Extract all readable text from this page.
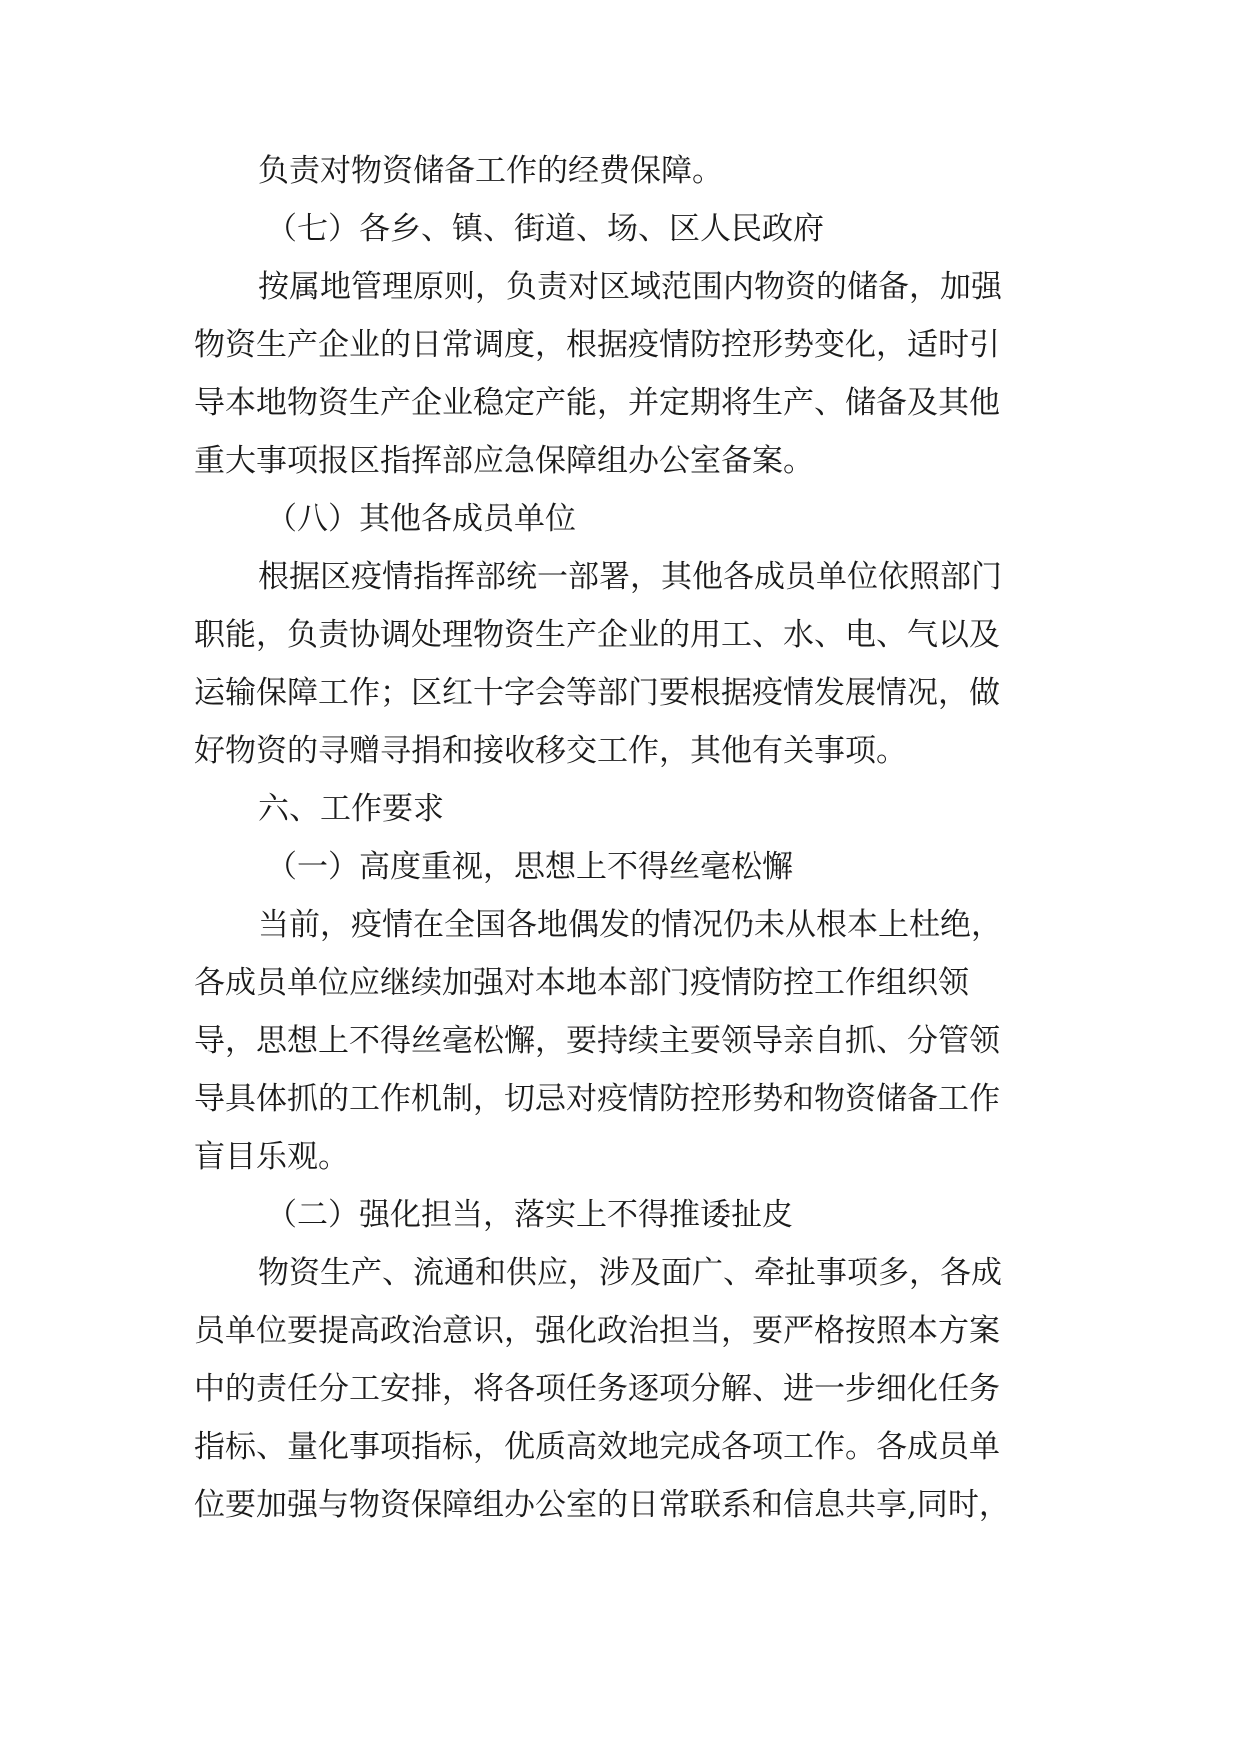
负责对物资储备工作的经费保障。
（七）各乡、镇、街道、场、区人民政府
按属地管理原则，负责对区域范围内物资的储备，加强
物资生产企业的日常调度，根据疫情防控形势变化，适时引
导本地物资生产企业稳定产能，并定期将生产、储备及其他
重大事项报区指挥部应急保障组办公室备案。
（八）其他各成员单位
根据区疫情指挥部统一部署，其他各成员单位依照部门
职能，负责协调处理物资生产企业的用工、水、电、气以及
运输保障工作；区红十字会等部门要根据疫情发展情况，做
好物资的寻赠寻捐和接收移交工作，其他有关事项。
六、工作要求
（一）高度重视，思想上不得丝毫松懈
当前，疫情在全国各地偶发的情况仍未从根本上杜绝，
各成员单位应继续加强对本地本部门疫情防控工作组织领
导，思想上不得丝毫松懈，要持续主要领导亲自抓、分管领
导具体抓的工作机制，切忌对疫情防控形势和物资储备工作
盲目乐观。
（二）强化担当，落实上不得推诿扯皮
物资生产、流通和供应，涉及面广、牵扯事项多，各成
员单位要提高政治意识，强化政治担当，要严格按照本方案
中的责任分工安排，将各项任务逐项分解、进一步细化任务
指标、量化事项指标，优质高效地完成各项工作。各成员单
位要加强与物资保障组办公室的日常联系和信息共享,同时，
